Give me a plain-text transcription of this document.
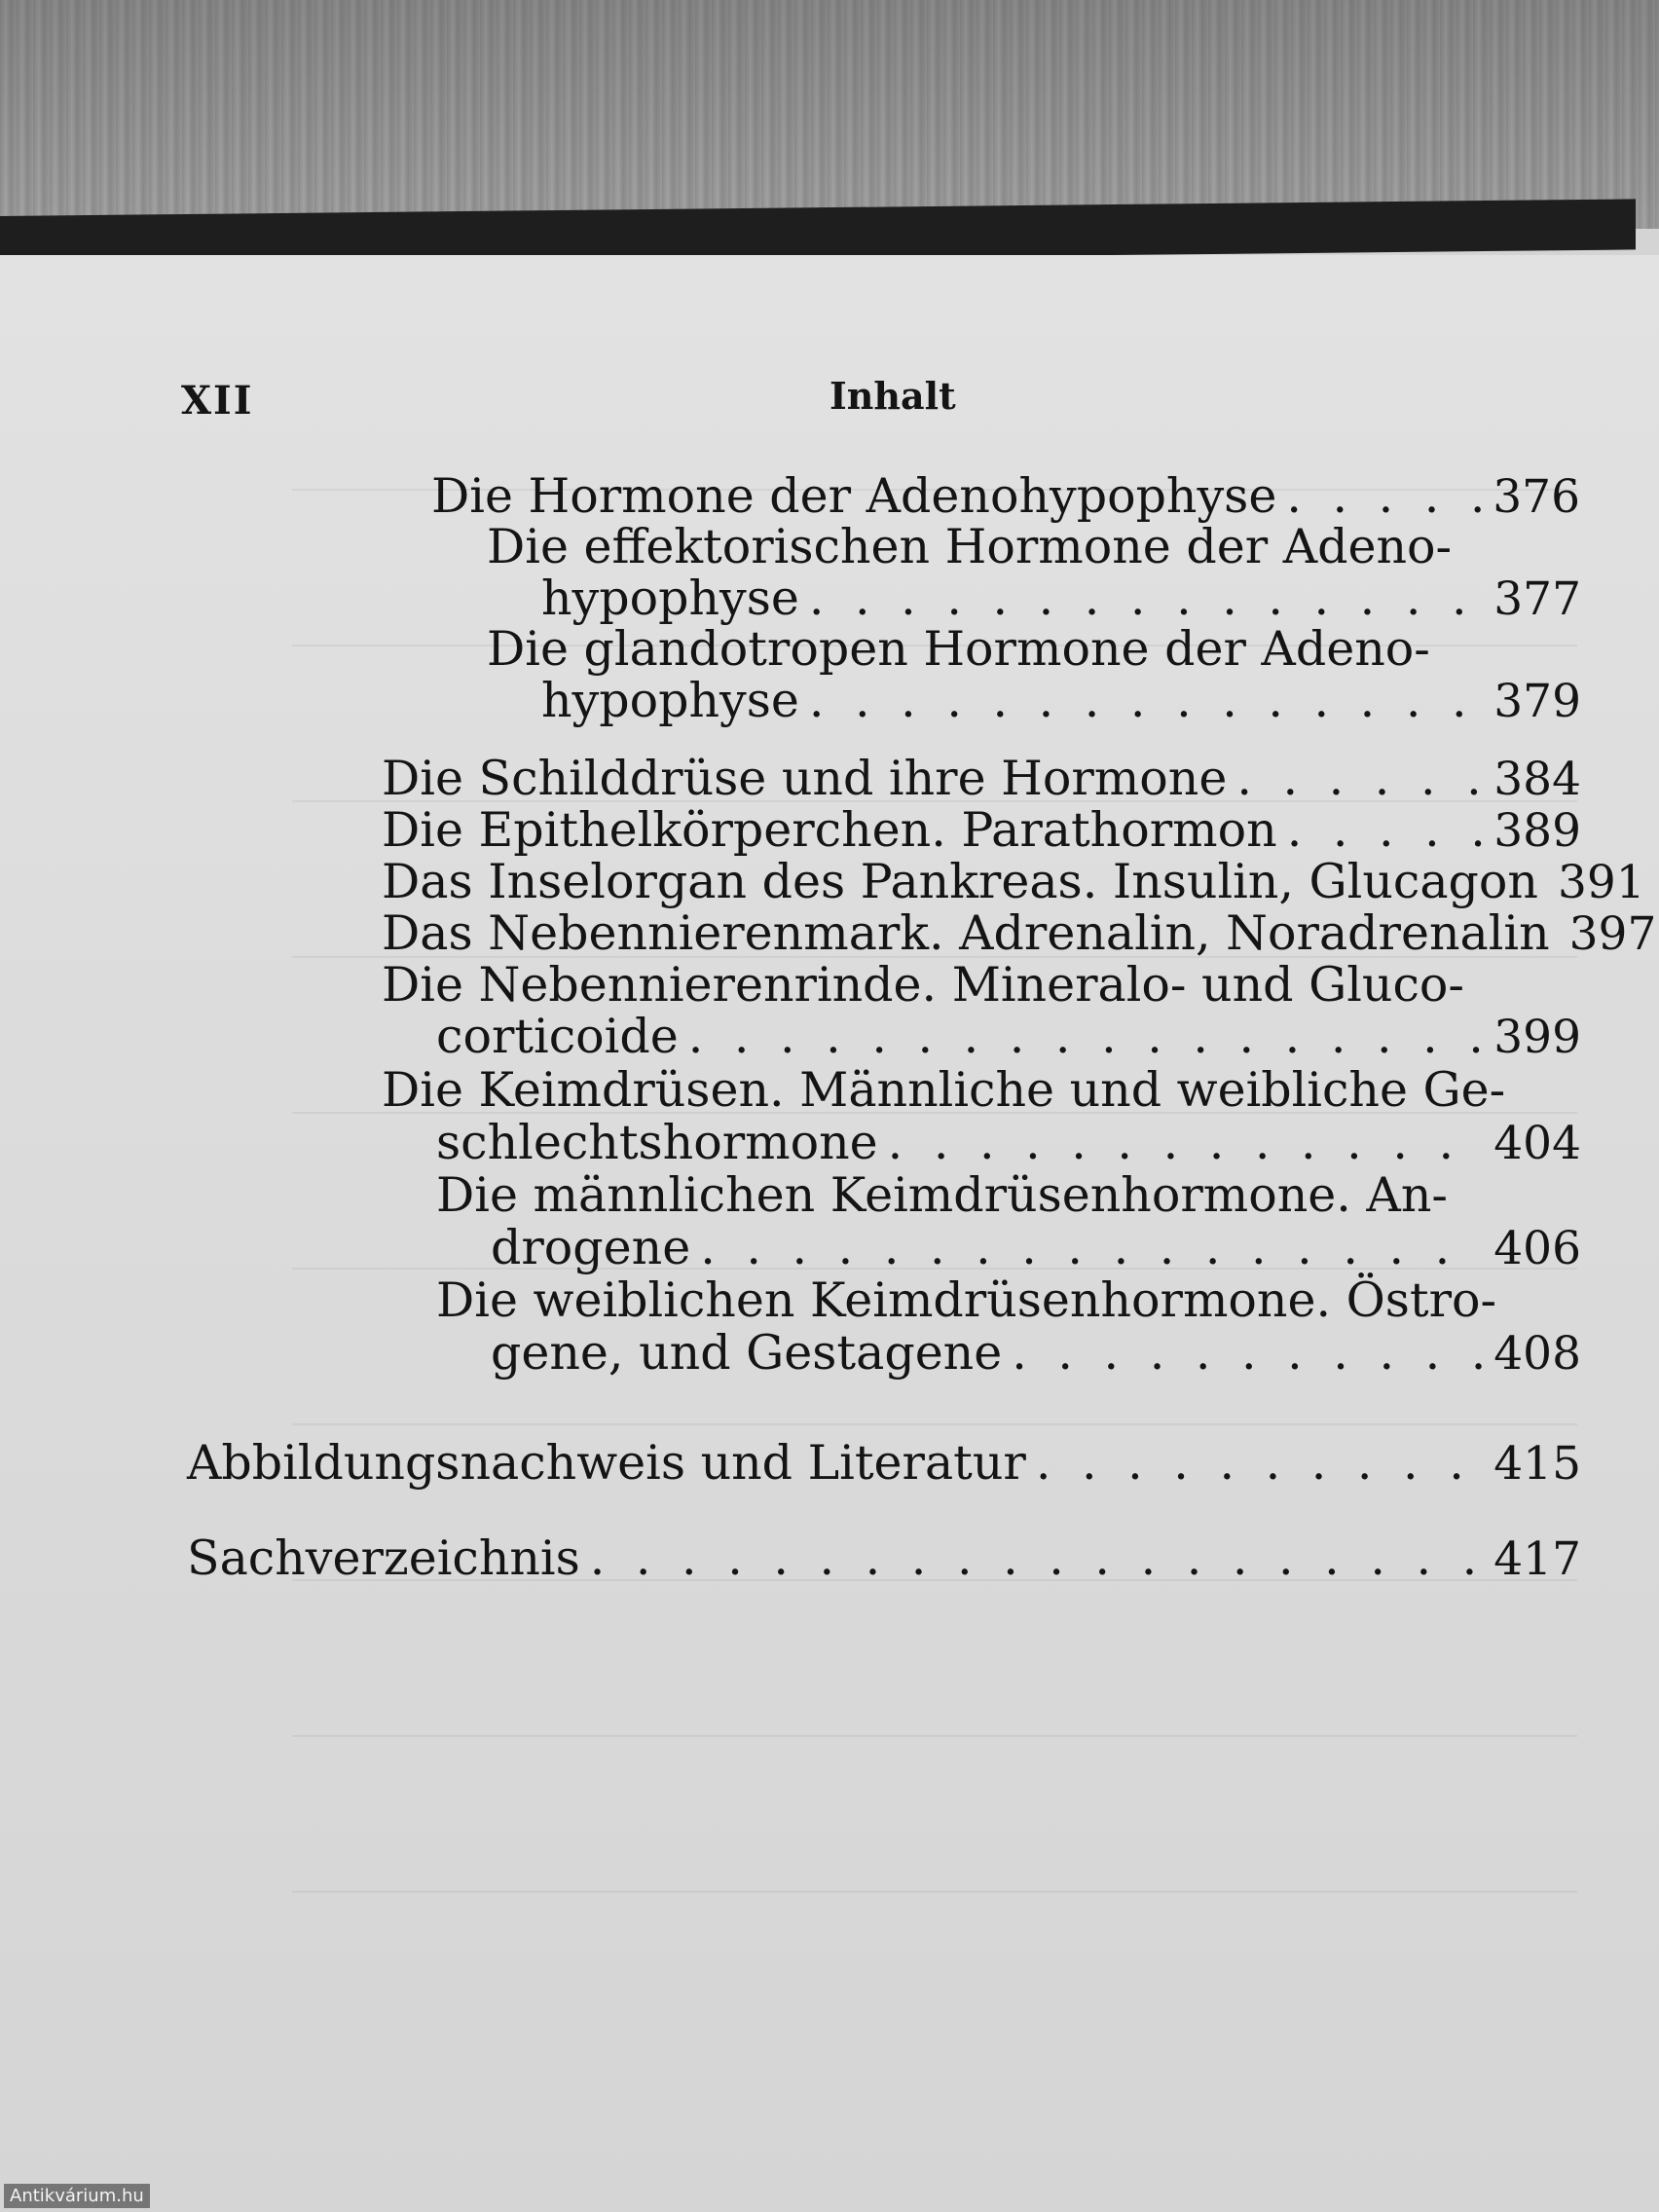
XII	Inhalt
Die Hormone der Adenohypophyse . . .	376
Die effektorischen Hormone der Adeno-
hypophyse . . .	377
Die glandotropen Hormone der Adeno-
hypophyse . . .	379
Die Schilddrüse und ihre Hormone . . .	384
Die Epithelkörperchen. Parathormon . . .	389
Das Inselorgan des Pankreas. Insulin, Glucagon 391
Das Nebennierenmark. Adrenalin, Noradrenalin 397
Die Nebennierenrinde. Mineralo- und Gluco-
corticoide . . .	399
Die Keimdrüsen. Männliche und weibliche Ge-
schlechtshormone . . .	404
Die männlichen Keimdrüsenhormone. An-
drogene . . .	406
Die weiblichen Keimdrüsenhormone. Östro-
gene, und Gestagene . . .	408
Abbildungsnachweis und Literatur . . .	415
Sachverzeichnis . . .	417
Antikvárium.hu
